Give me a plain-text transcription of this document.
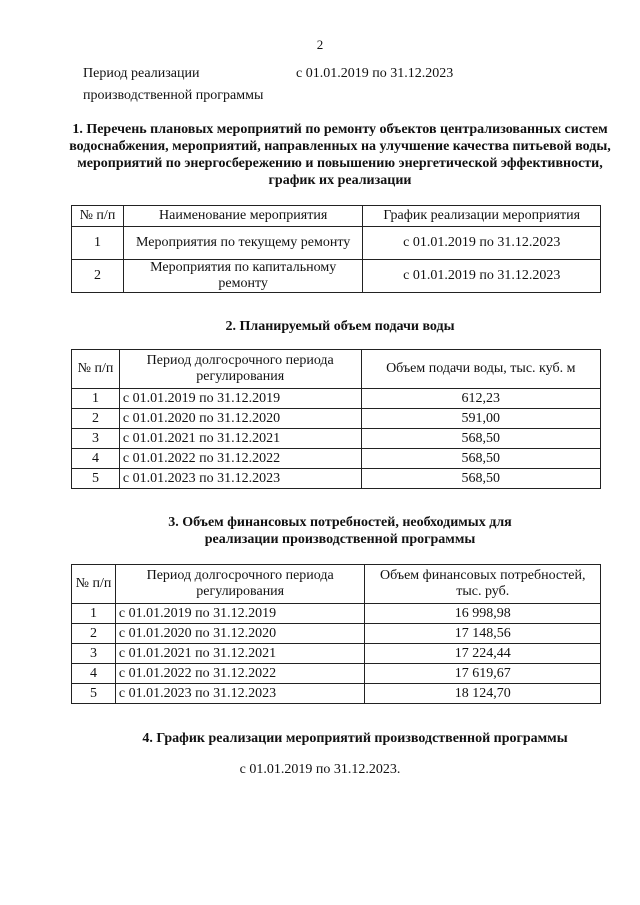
2
Период реализации
производственной программы
с 01.01.2019 по 31.12.2023
1. Перечень плановых мероприятий по ремонту объектов централизованных систем водоснабжения, мероприятий, направленных на улучшение качества питьевой воды, мероприятий по энергосбережению и повышению энергетической эффективности, график их реализации
№ п/п	Наименование мероприятия	График реализации мероприятия
1	Мероприятия по текущему ремонту	с 01.01.2019 по 31.12.2023
2	Мероприятия по капитальному ремонту	с 01.01.2019 по 31.12.2023
2. Планируемый объем подачи воды
№ п/п	Период долгосрочного периода регулирования	Объем подачи воды, тыс. куб. м
1	с 01.01.2019 по 31.12.2019	612,23
2	с 01.01.2020 по 31.12.2020	591,00
3	с 01.01.2021 по 31.12.2021	568,50
4	с 01.01.2022 по 31.12.2022	568,50
5	с 01.01.2023 по 31.12.2023	568,50
3. Объем финансовых потребностей, необходимых для
реализации производственной программы
№ п/п	Период долгосрочного периода регулирования	Объем финансовых потребностей, тыс. руб.
1	с 01.01.2019 по 31.12.2019	16 998,98
2	с 01.01.2020 по 31.12.2020	17 148,56
3	с 01.01.2021 по 31.12.2021	17 224,44
4	с 01.01.2022 по 31.12.2022	17 619,67
5	с 01.01.2023 по 31.12.2023	18 124,70
4. График реализации мероприятий производственной программы
с 01.01.2019 по 31.12.2023.
